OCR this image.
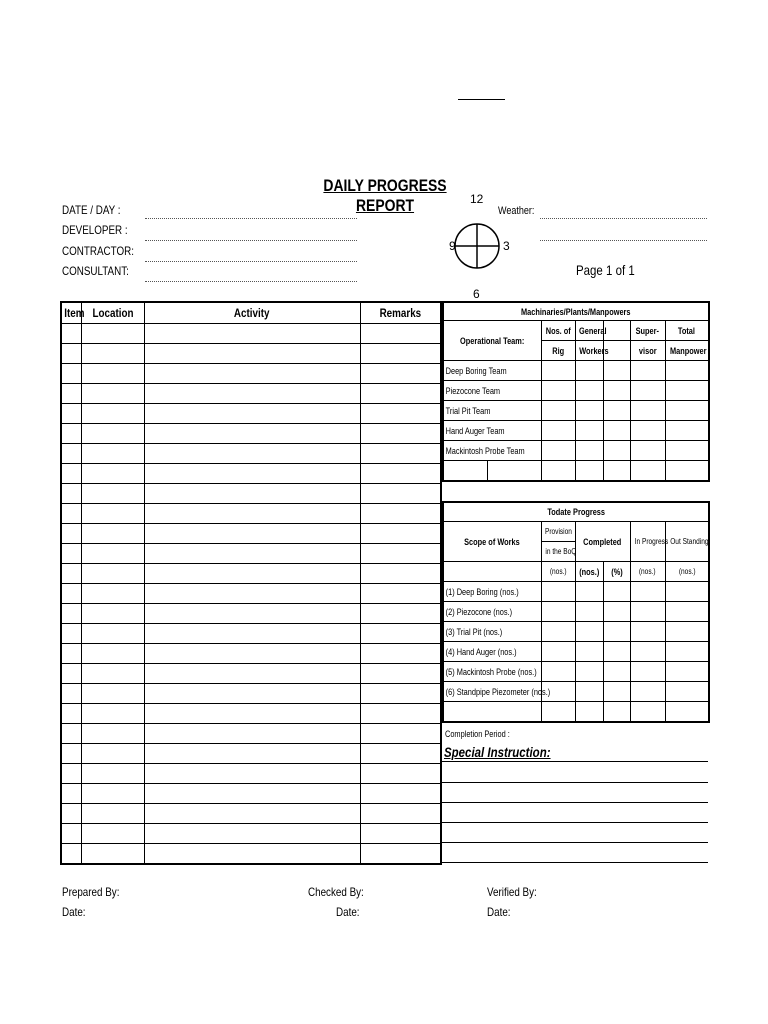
DAILY PROGRESS REPORT
DATE / DAY :
DEVELOPER :
CONTRACTOR:
CONSULTANT:
Weather:
Page 1 of 1
12
3
6
9
Item	Location	Activity	Remarks

				Machinaries/Plants/Manpowers						
Operational Team:		Nos. of	General		Super-	Total
		Rig	Workers		visor	Manpower
Deep Boring Team						
Piezocone Team						
Trial Pit Team						
Hand Auger Team						
Mackintosh Probe Team						

Todate Progress					
Scope of Works	Provision	Completed		In Progress	Out Standing
	in the BoQ				
	(nos.)	(nos.)	(%)	(nos.)	(nos.)
(1) Deep Boring (nos.)					
(2) Piezocone (nos.)					
(3) Trial Pit (nos.)					
(4) Hand Auger (nos.)					
(5) Mackintosh Probe (nos.)					
(6) Standpipe Piezometer (nos.)					

Completion Period :
Special Instruction:
Prepared By:
Date:
Checked By:
Date:
Verified By:
Date:
